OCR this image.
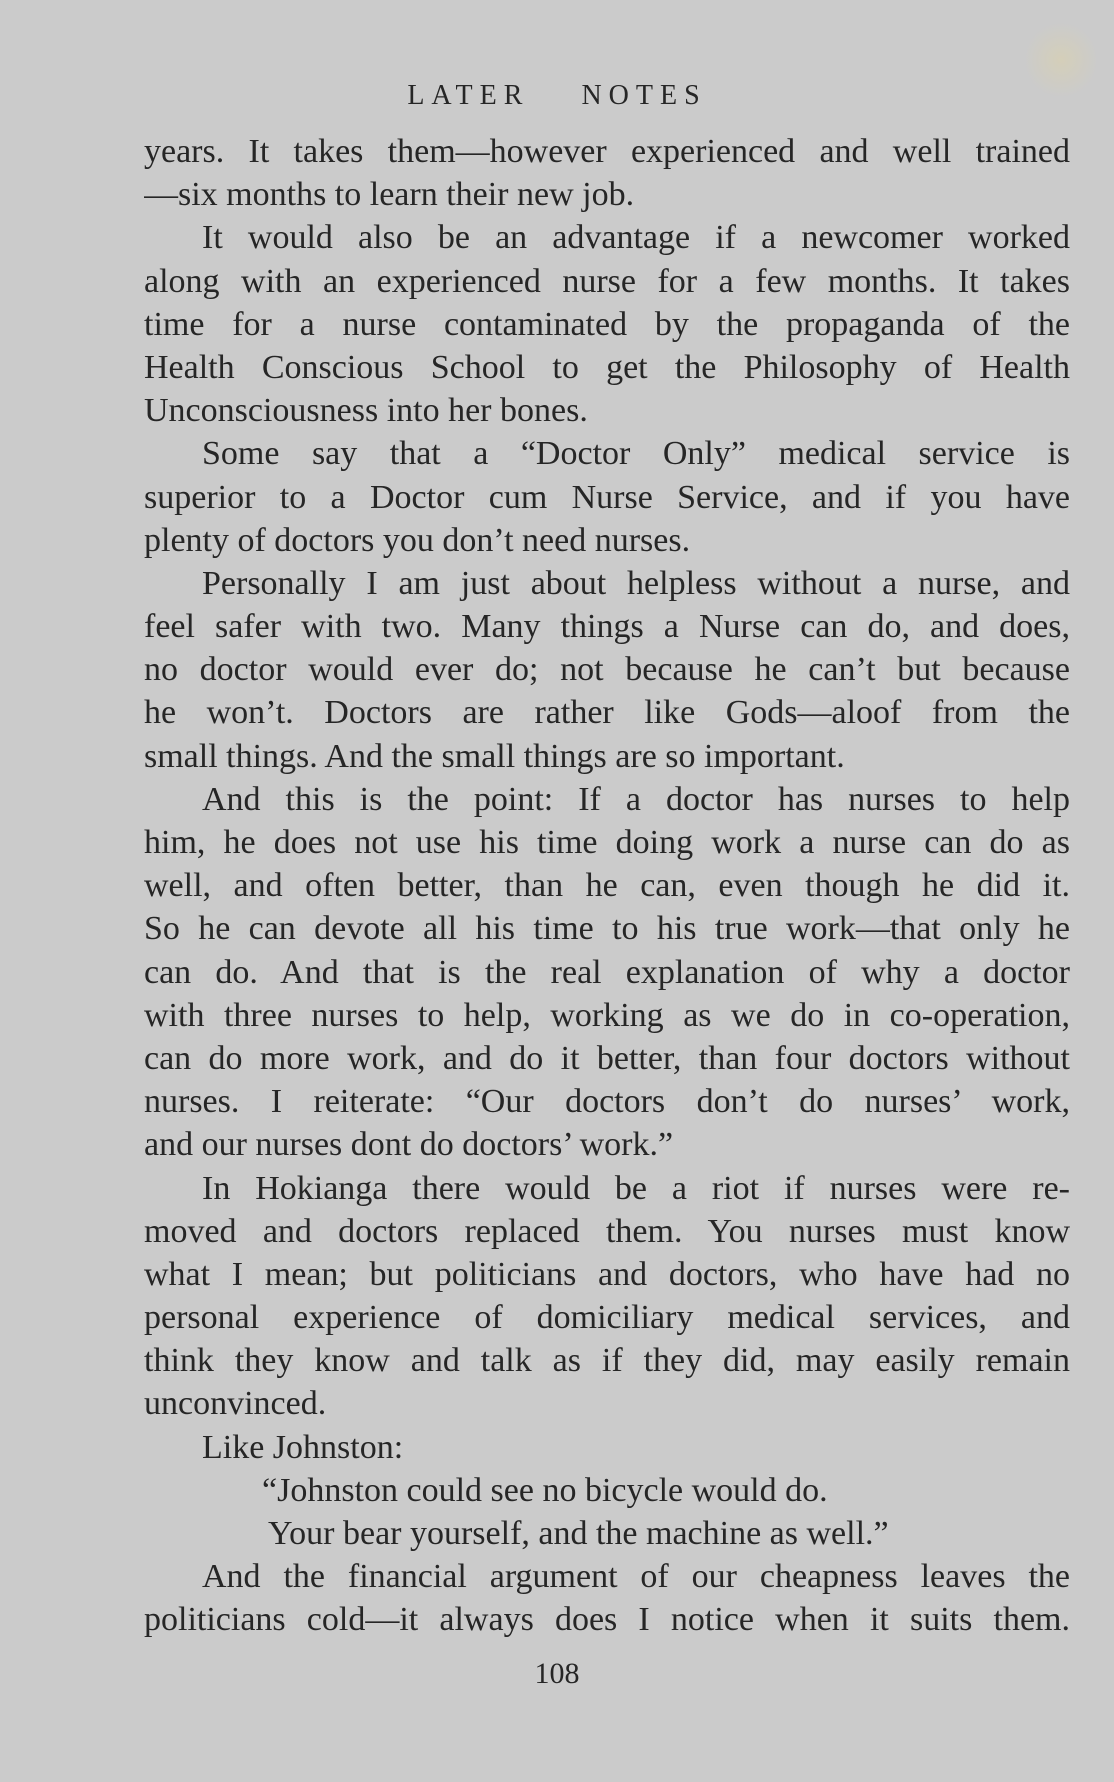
LATER NOTES
years. It takes them—however experienced and well trained
—six months to learn their new job.
It would also be an advantage if a newcomer worked
along with an experienced nurse for a few months. It takes
time for a nurse contaminated by the propaganda of the
Health Conscious School to get the Philosophy of Health
Unconsciousness into her bones.
Some say that a “Doctor Only” medical service is
superior to a Doctor cum Nurse Service, and if you have
plenty of doctors you don’t need nurses.
Personally I am just about helpless without a nurse, and
feel safer with two. Many things a Nurse can do, and does,
no doctor would ever do; not because he can’t but because
he won’t. Doctors are rather like Gods—aloof from the
small things. And the small things are so important.
And this is the point: If a doctor has nurses to help
him, he does not use his time doing work a nurse can do as
well, and often better, than he can, even though he did it.
So he can devote all his time to his true work—that only he
can do. And that is the real explanation of why a doctor
with three nurses to help, working as we do in co-operation,
can do more work, and do it better, than four doctors without
nurses. I reiterate: “Our doctors don’t do nurses’ work,
and our nurses dont do doctors’ work.”
In Hokianga there would be a riot if nurses were re-
moved and doctors replaced them. You nurses must know
what I mean; but politicians and doctors, who have had no
personal experience of domiciliary medical services, and
think they know and talk as if they did, may easily remain
unconvinced.
Like Johnston:
“Johnston could see no bicycle would do.
Your bear yourself, and the machine as well.”
And the financial argument of our cheapness leaves the
politicians cold—it always does I notice when it suits them.
108
